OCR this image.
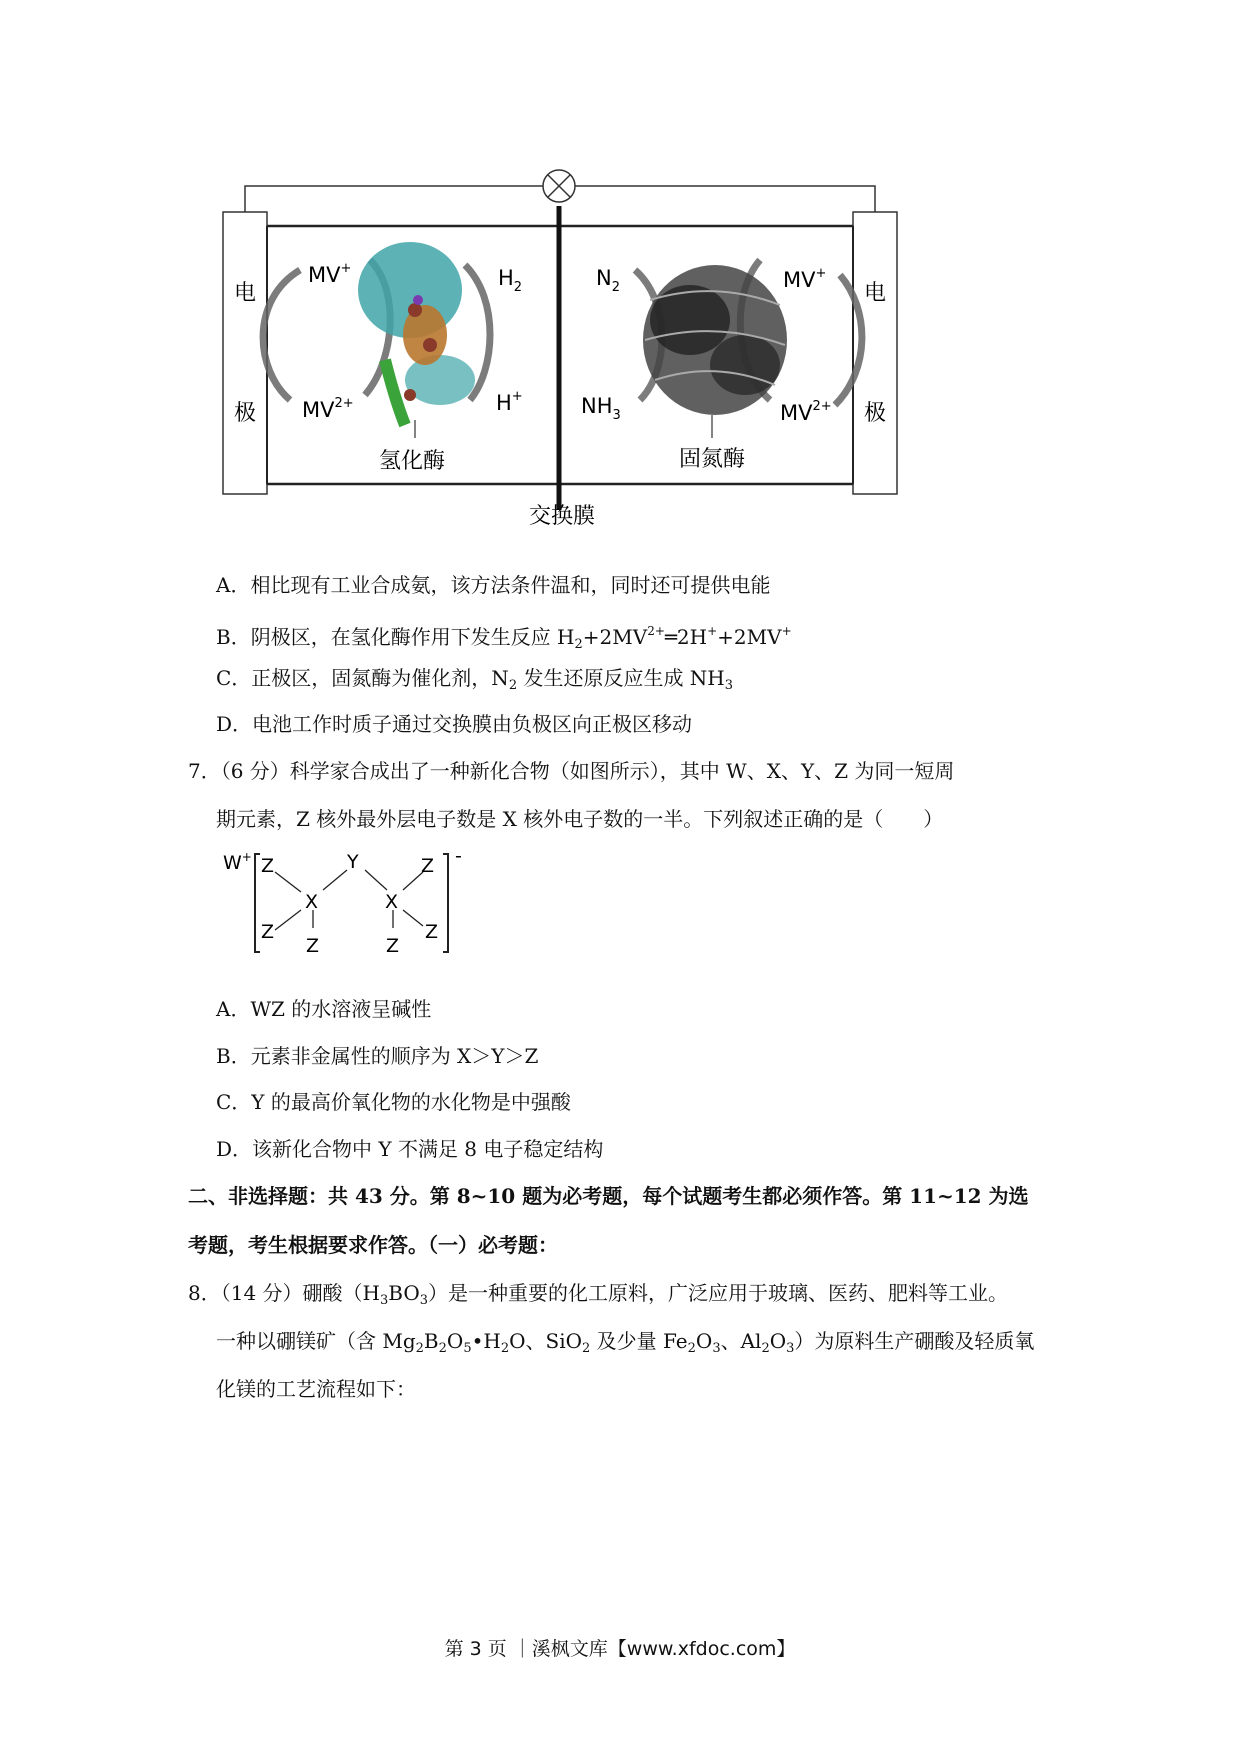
电
极
电
极
MV+	$H_2$
$MV^{2+}$	H+
氢化酶
$N_2$	MV+
$NH_3$	$MV^{2+}$
固氮酶
交换膜
A．相比现有工业合成氨，该方法条件温和，同时还可提供电能
B．阴极区，在氢化酶作用下发生反应 $H_2+2MV^{2+}═2H^++2MV^+$
C．正极区，固氮酶为催化剂，$N_2$ 发生还原反应生成 $NH_3$
D．电池工作时质子通过交换膜由负极区向正极区移动
7．（6 分）科学家合成出了一种新化合物（如图所示），其中 W、X、Y、Z 为同一短周
期元素，Z 核外最外层电子数是 X 核外电子数的一半。下列叙述正确的是（　　）
W+	-
Z	Y	Z
X	X
Z	Z
Z	Z
A．WZ 的水溶液呈碱性
B．元素非金属性的顺序为 X＞Y＞Z
C．Y 的最高价氧化物的水化物是中强酸
D．该新化合物中 Y 不满足 8 电子稳定结构
二、非选择题：共 43 分。第 8~10 题为必考题，每个试题考生都必须作答。第 11~12 为选
考题，考生根据要求作答。（一）必考题：
8．（14 分）硼酸$(H_3BO_3)$是一种重要的化工原料，广泛应用于玻璃、医药、肥料等工业。
一种以硼镁矿（含 $Mg_2B_2O_5•H_2O$、SiO$_2$ 及少量 $Fe_2O_3$、$Al_2O_3$）为原料生产硼酸及轻质氧
化镁的工艺流程如下：
第 3 页 ｜溪枫文库【www.xfdoc.com】
